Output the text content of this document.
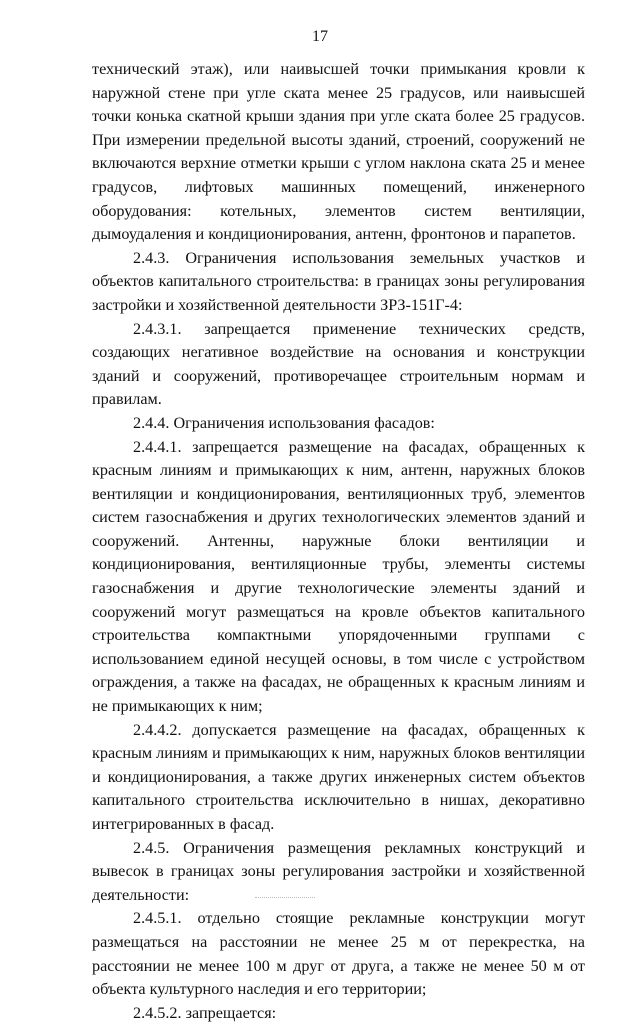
17

технический этаж), или наивысшей точки примыкания кровли к наружной стене при угле ската менее 25 градусов, или наивысшей точки конька скатной крыши здания при угле ската более 25 градусов. При измерении предельной высоты зданий, строений, сооружений не включаются верхние отметки крыши с углом наклона ската 25 и менее градусов, лифтовых машинных помещений, инженерного оборудования: котельных, элементов систем вентиляции, дымоудаления и кондиционирования, антенн, фронтонов и парапетов.

2.4.3. Ограничения использования земельных участков и объектов капитального строительства: в границах зоны регулирования застройки и хозяйственной деятельности ЗРЗ-151Г-4:

2.4.3.1. запрещается применение технических средств, создающих негативное воздействие на основания и конструкции зданий и сооружений, противоречащее строительным нормам и правилам.

2.4.4. Ограничения использования фасадов:

2.4.4.1. запрещается размещение на фасадах, обращенных к красным линиям и примыкающих к ним, антенн, наружных блоков вентиляции и кондиционирования, вентиляционных труб, элементов систем газоснабжения и других технологических элементов зданий и сооружений. Антенны, наружные блоки вентиляции и кондиционирования, вентиляционные трубы, элементы системы газоснабжения и другие технологические элементы зданий и сооружений могут размещаться на кровле объектов капитального строительства компактными упорядоченными группами с использованием единой несущей основы, в том числе с устройством ограждения, а также на фасадах, не обращенных к красным линиям и не примыкающих к ним;

2.4.4.2. допускается размещение на фасадах, обращенных к красным линиям и примыкающих к ним, наружных блоков вентиляции и кондиционирования, а также других инженерных систем объектов капитального строительства исключительно в нишах, декоративно интегрированных в фасад.

2.4.5. Ограничения размещения рекламных конструкций и вывесок в границах зоны регулирования застройки и хозяйственной деятельности:

2.4.5.1. отдельно стоящие рекламные конструкции могут размещаться на расстоянии не менее 25 м от перекрестка, на расстоянии не менее 100 м друг от друга, а также не менее 50 м от объекта культурного наследия и его территории;

2.4.5.2. запрещается:
